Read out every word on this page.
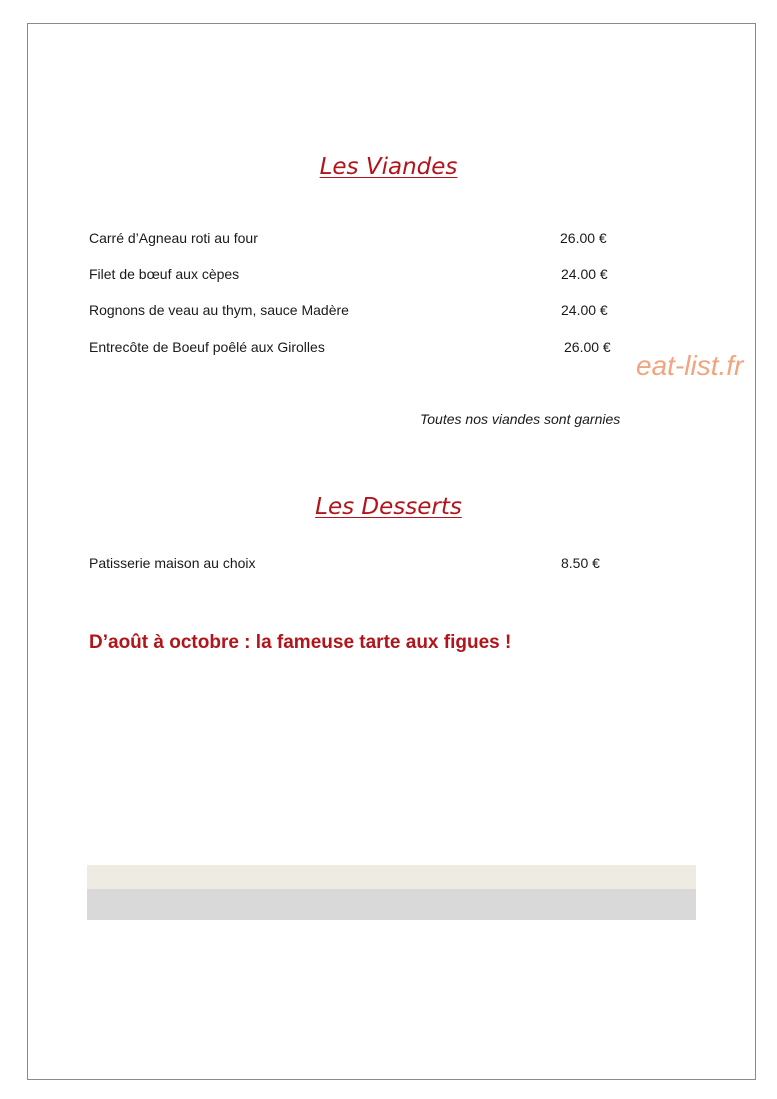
Les Viandes
Carré d’Agneau roti au four	26.00 €
Filet de bœuf aux cèpes	24.00 €
Rognons de veau au thym, sauce Madère	24.00 €
Entrecôte de Boeuf poêlé aux Girolles	26.00 €
eat-list.fr
Toutes nos viandes sont garnies
Les Desserts
Patisserie maison au choix	8.50 €
D’août à octobre : la fameuse tarte aux figues !
